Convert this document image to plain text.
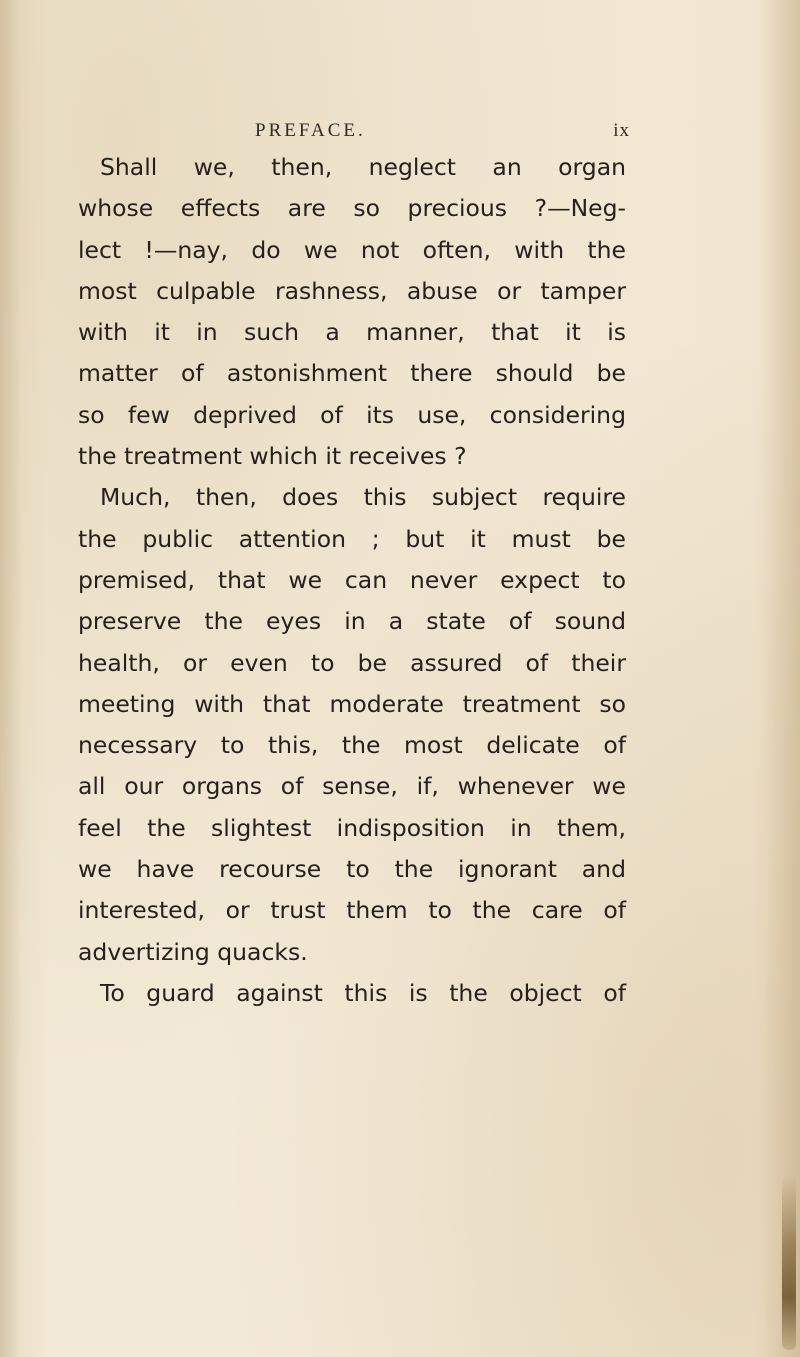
PREFACE.	ix
Shall we, then, neglect an organ
whose effects are so precious ?—Neg-
lect !—nay, do we not often, with the
most culpable rashness, abuse or tamper
with it in such a manner, that it is
matter of astonishment there should be
so few deprived of its use, considering
the treatment which it receives ?
Much, then, does this subject require
the public attention ; but it must be
premised, that we can never expect to
preserve the eyes in a state of sound
health, or even to be assured of their
meeting with that moderate treatment so
necessary to this, the most delicate of
all our organs of sense, if, whenever we
feel the slightest indisposition in them,
we have recourse to the ignorant and
interested, or trust them to the care of
advertizing quacks.
To guard against this is the object of
